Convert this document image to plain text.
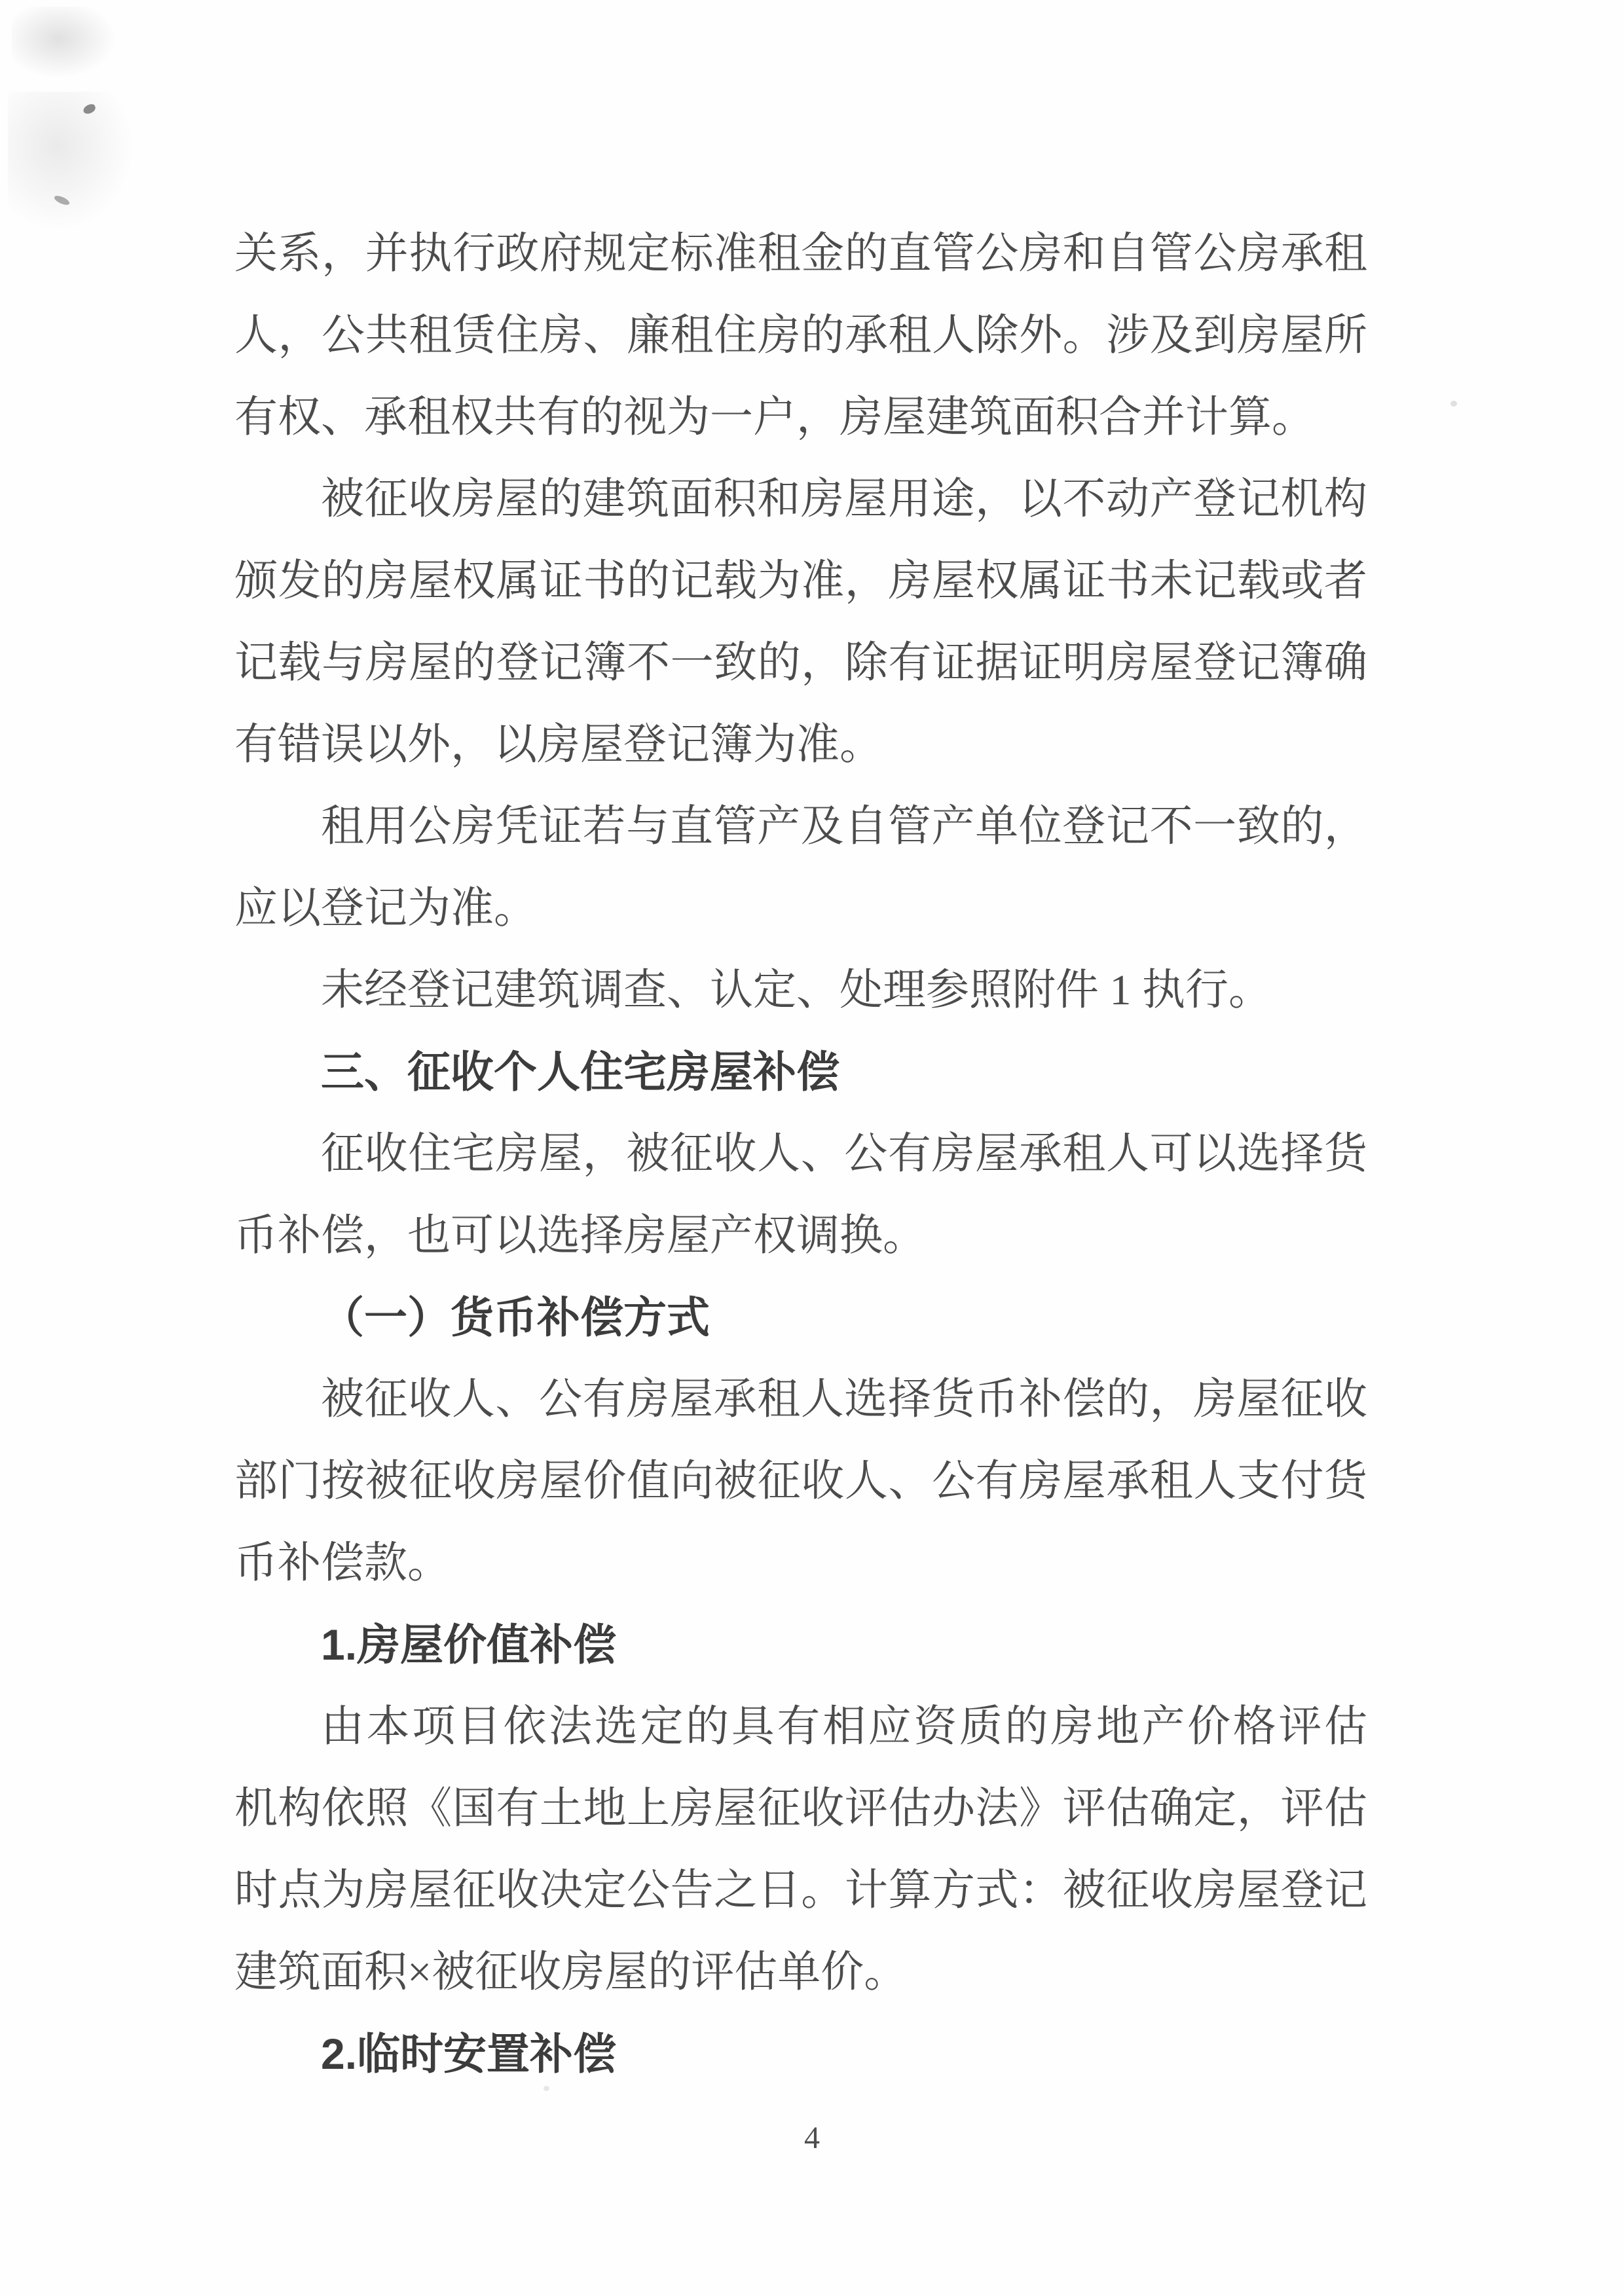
关系，并执行政府规定标准租金的直管公房和自管公房承租
人，公共租赁住房、廉租住房的承租人除外。涉及到房屋所
有权、承租权共有的视为一户，房屋建筑面积合并计算。
被征收房屋的建筑面积和房屋用途，以不动产登记机构
颁发的房屋权属证书的记载为准，房屋权属证书未记载或者
记载与房屋的登记簿不一致的，除有证据证明房屋登记簿确
有错误以外，以房屋登记簿为准。
租用公房凭证若与直管产及自管产单位登记不一致的，
应以登记为准。
未经登记建筑调查、认定、处理参照附件 1 执行。
三、征收个人住宅房屋补偿
征收住宅房屋，被征收人、公有房屋承租人可以选择货
币补偿，也可以选择房屋产权调换。
（一）货币补偿方式
被征收人、公有房屋承租人选择货币补偿的，房屋征收
部门按被征收房屋价值向被征收人、公有房屋承租人支付货
币补偿款。
1.房屋价值补偿
由本项目依法选定的具有相应资质的房地产价格评估
机构依照《国有土地上房屋征收评估办法》评估确定，评估
时点为房屋征收决定公告之日。计算方式：被征收房屋登记
建筑面积×被征收房屋的评估单价。
2.临时安置补偿
4
